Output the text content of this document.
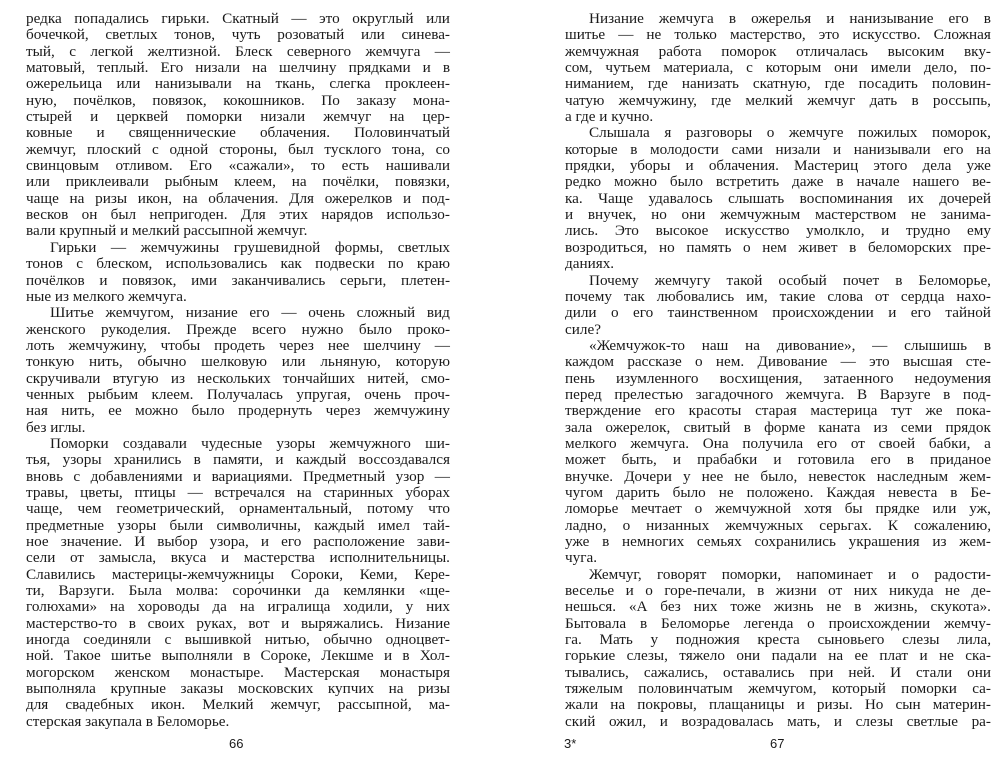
редка попадались гирьки. Скатный — это округлый или
бочечкой, светлых тонов, чуть розоватый или синева-
тый, с легкой желтизной. Блеск северного жемчуга —
матовый, теплый. Его низали на шелчину прядками и в
ожерельица или нанизывали на ткань, слегка проклеен-
ную, почёлков, повязок, кокошников. По заказу мона-
стырей и церквей поморки низали жемчуг на цер-
ковные и священнические облачения. Половинчатый
жемчуг, плоский с одной стороны, был тусклого тона, со
свинцовым отливом. Его «сажали», то есть нашивали
или приклеивали рыбным клеем, на почёлки, повязки,
чаще на ризы икон, на облачения. Для ожерелков и под-
весков он был непригоден. Для этих нарядов использо-
вали крупный и мелкий рассыпной жемчуг.
Гирьки — жемчужины грушевидной формы, светлых
тонов с блеском, использовались как подвески по краю
почёлков и повязок, ими заканчивались серьги, плетен-
ные из мелкого жемчуга.
Шитье жемчугом, низание его — очень сложный вид
женского рукоделия. Прежде всего нужно было проко-
лоть жемчужину, чтобы продеть через нее шелчину —
тонкую нить, обычно шелковую или льняную, которую
скручивали втугую из нескольких тончайших нитей, смо-
ченных рыбьим клеем. Получалась упругая, очень проч-
ная нить, ее можно было продернуть через жемчужину
без иглы.
Поморки создавали чудесные узоры жемчужного ши-
тья, узоры хранились в памяти, и каждый воссоздавался
вновь с добавлениями и вариациями. Предметный узор —
травы, цветы, птицы — встречался на старинных уборах
чаще, чем геометрический, орнаментальный, потому что
предметные узоры были символичны, каждый имел тай-
ное значение. И выбор узора, и его расположение зави-
сели от замысла, вкуса и мастерства исполнительницы.
Славились мастерицы-жемчужницы Сороки, Кеми, Кере-
ти, Варзуги. Была молва: соро́чинки да кемлянки «ще-
голюхами» на хороводы да на игралища ходили, у них
мастерство-то в своих руках, вот и выряжались. Низание
иногда соединяли с вышивкой нитью, обычно одноцвет-
ной. Такое шитье выполняли в Сороке, Лекшме и в Хол-
могорском женском монастыре. Мастерская монастыря
выполняла крупные заказы московских купчих на ризы
для свадебных икон. Мелкий жемчуг, рассыпной, ма-
стерская закупала в Беломорье.
Низание жемчуга в ожерелья и нанизывание его в
шитье — не только мастерство, это искусство. Сложная
жемчужная работа поморок отличалась высоким вку-
сом, чутьем материала, с которым они имели дело, по-
ниманием, где нанизать скатную, где посадить половин-
чатую жемчужину, где мелкий жемчуг дать в россыпь,
а где и кучно.
Слышала я разговоры о жемчуге пожилых поморок,
которые в молодости сами низали и нанизывали его на
прядки, уборы и облачения. Мастериц этого дела уже
редко можно было встретить даже в начале нашего ве-
ка. Чаще удавалось слышать воспоминания их дочерей
и внучек, но они жемчужным мастерством не занима-
лись. Это высокое искусство умолкло, и трудно ему
возродиться, но память о нем живет в беломорских пре-
даниях.
Почему жемчугу такой особый почет в Беломорье,
почему так любовались им, такие слова от сердца нахо-
дили о его таинственном происхождении и его тайной
силе?
«Жемчужок-то наш на дивование», — слышишь в
каждом рассказе о нем. Дивование — это высшая сте-
пень изумленного восхищения, затаенного недоумения
перед прелестью загадочного жемчуга. В Варзуге в под-
тверждение его красоты старая мастерица тут же пока-
зала ожерелок, свитый в форме каната из семи прядок
мелкого жемчуга. Она получила его от своей бабки, а
может быть, и прабабки и готовила его в приданое
внучке. Дочери у нее не было, невесток наследным жем-
чугом дарить было не положено. Каждая невеста в Бе-
ломорье мечтает о жемчужной хотя бы прядке или уж,
ладно, о низанных жемчужных серьгах. К сожалению,
уже в немногих семьях сохранились украшения из жем-
чуга.
Жемчуг, говорят поморки, напоминает и о радости-
веселье и о горе-печали, в жизни от них никуда не де-
нешься. «А без них тоже жизнь не в жизнь, скукота».
Бытовала в Беломорье легенда о происхождении жемчу-
га. Мать у подножия креста сыновьего слезы лила,
горькие слезы, тяжело они падали на ее плат и не ска-
тывались, сажались, оставались при ней. И стали они
тяжелым половинчатым жемчугом, который поморки са-
жали на покровы, плащаницы и ризы. Но сын материн-
ский ожил, и возрадовалась мать, и слезы светлые ра-
66	3*	67
